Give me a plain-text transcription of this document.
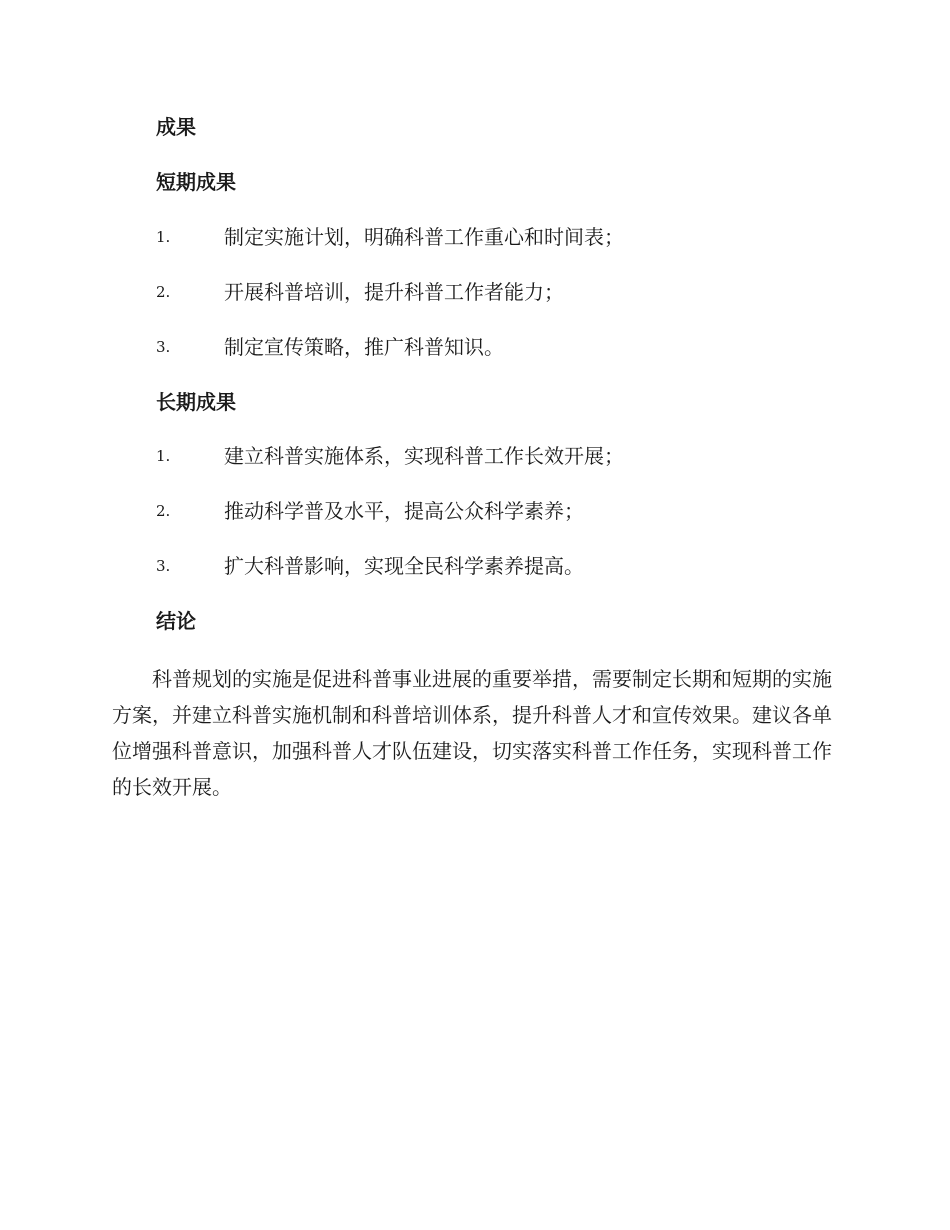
成果
短期成果
1.	制定实施计划，明确科普工作重心和时间表；
2.	开展科普培训，提升科普工作者能力；
3.	制定宣传策略，推广科普知识。
长期成果
1.	建立科普实施体系，实现科普工作长效开展；
2.	推动科学普及水平，提高公众科学素养；
3.	扩大科普影响，实现全民科学素养提高。
结论

科普规划的实施是促进科普事业进展的重要举措，需要制定长期和短期的实施方案，并建立科普实施机制和科普培训体系，提升科普人才和宣传效果。建议各单位增强科普意识，加强科普人才队伍建设，切实落实科普工作任务，实现科普工作的长效开展。
